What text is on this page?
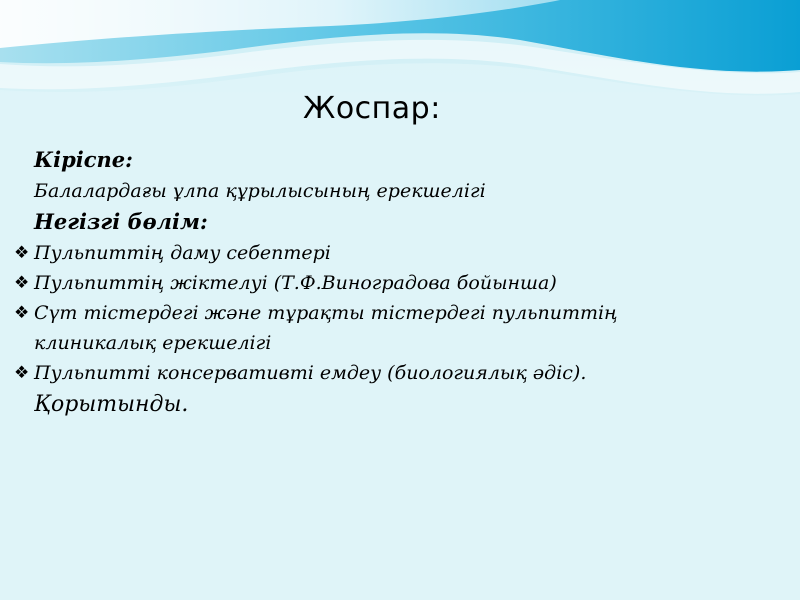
Жоспар:
Кіріспе:
Балалардағы ұлпа құрылысының ерекшелігі
Негізгі бөлім:
❖ Пульпиттің даму себептері
❖ Пульпиттің жіктелуі (Т.Ф.Виноградова бойынша)
❖ Сүт тістердегі және тұрақты тістердегі пульпиттің
клиникалық ерекшелігі
❖ Пульпитті консервативті емдеу (биологиялық әдіс).
Қорытынды.
